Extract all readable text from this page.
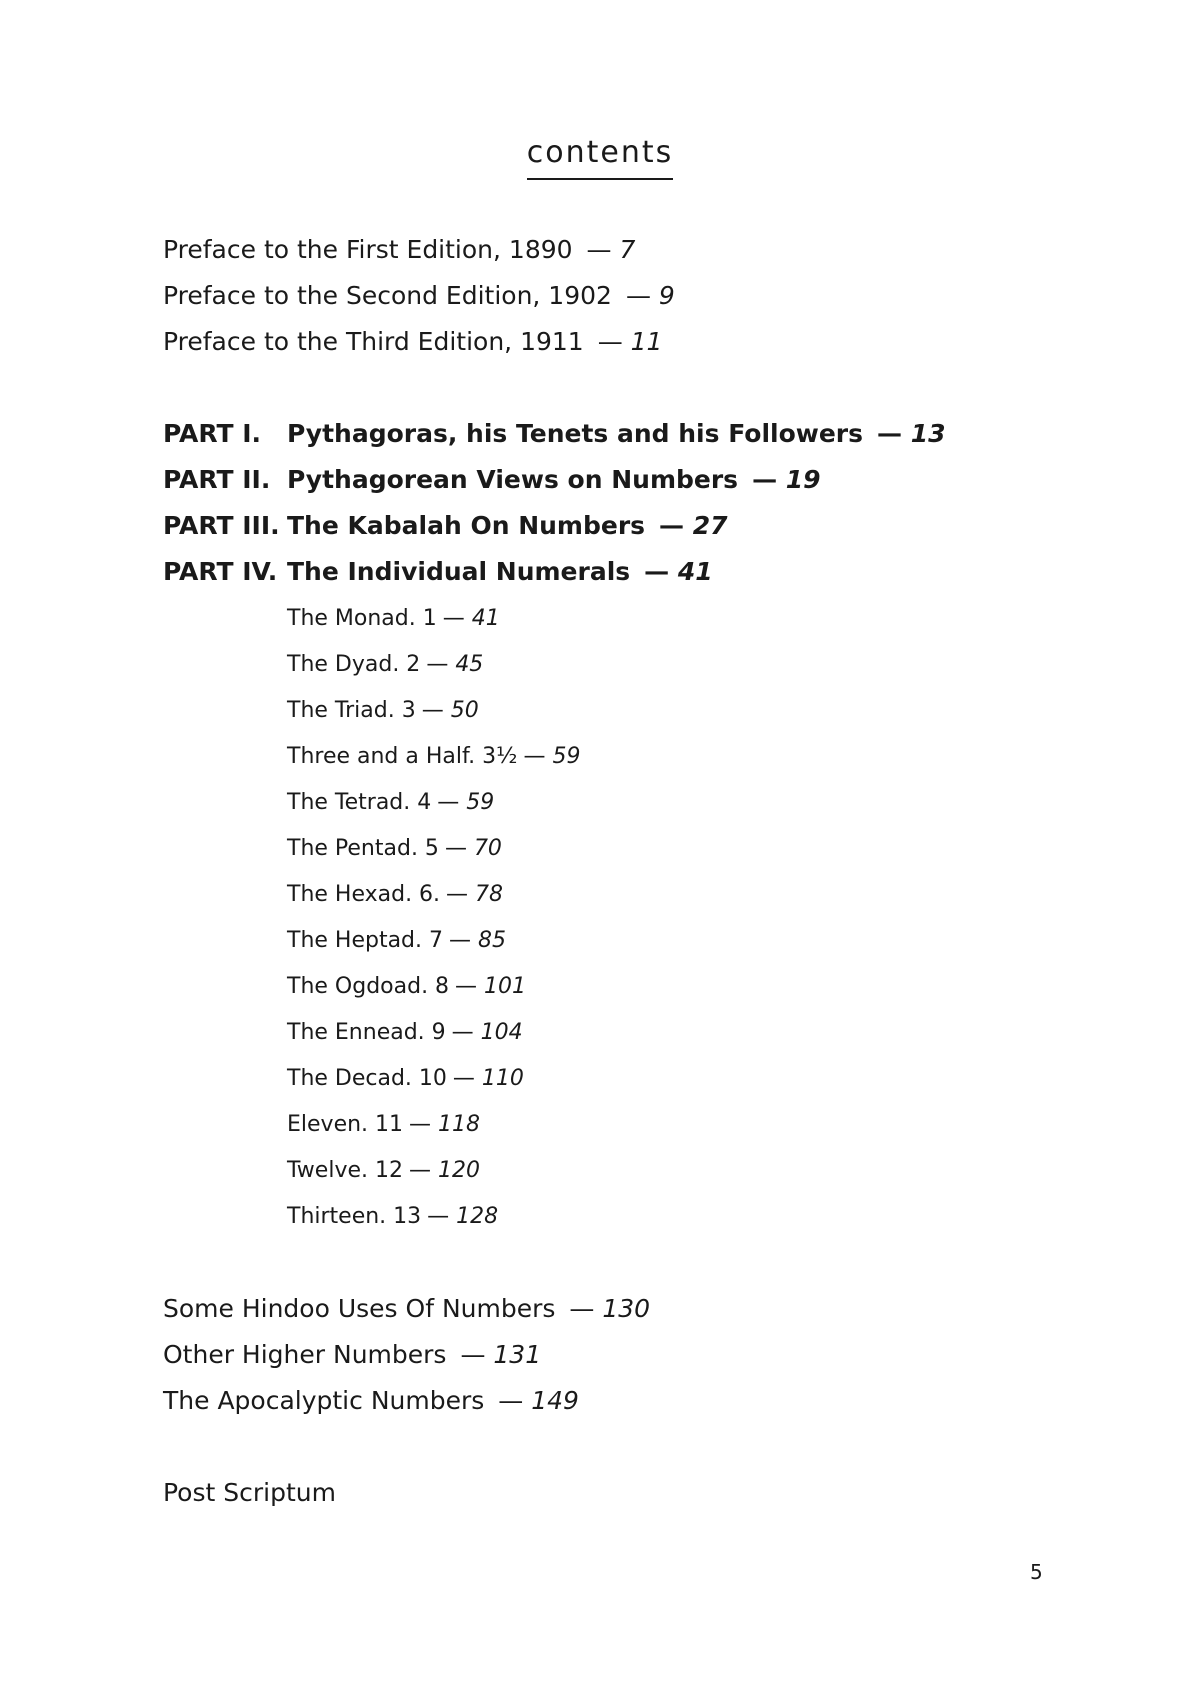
contents
Preface to the First Edition, 1890 — 7
Preface to the Second Edition, 1902 — 9
Preface to the Third Edition, 1911 — 11
PART I. Pythagoras, his Tenets and his Followers — 13
PART II. Pythagorean Views on Numbers — 19
PART III. The Kabalah On Numbers — 27
PART IV. The Individual Numerals — 41
The Monad. 1 — 41
The Dyad. 2 — 45
The Triad. 3 — 50
Three and a Half. 3½ — 59
The Tetrad. 4 — 59
The Pentad. 5 — 70
The Hexad. 6. — 78
The Heptad. 7 — 85
The Ogdoad. 8 — 101
The Ennead. 9 — 104
The Decad. 10 — 110
Eleven. 11 — 118
Twelve. 12 — 120
Thirteen. 13 — 128
Some Hindoo Uses Of Numbers — 130
Other Higher Numbers — 131
The Apocalyptic Numbers — 149
Post Scriptum
5
